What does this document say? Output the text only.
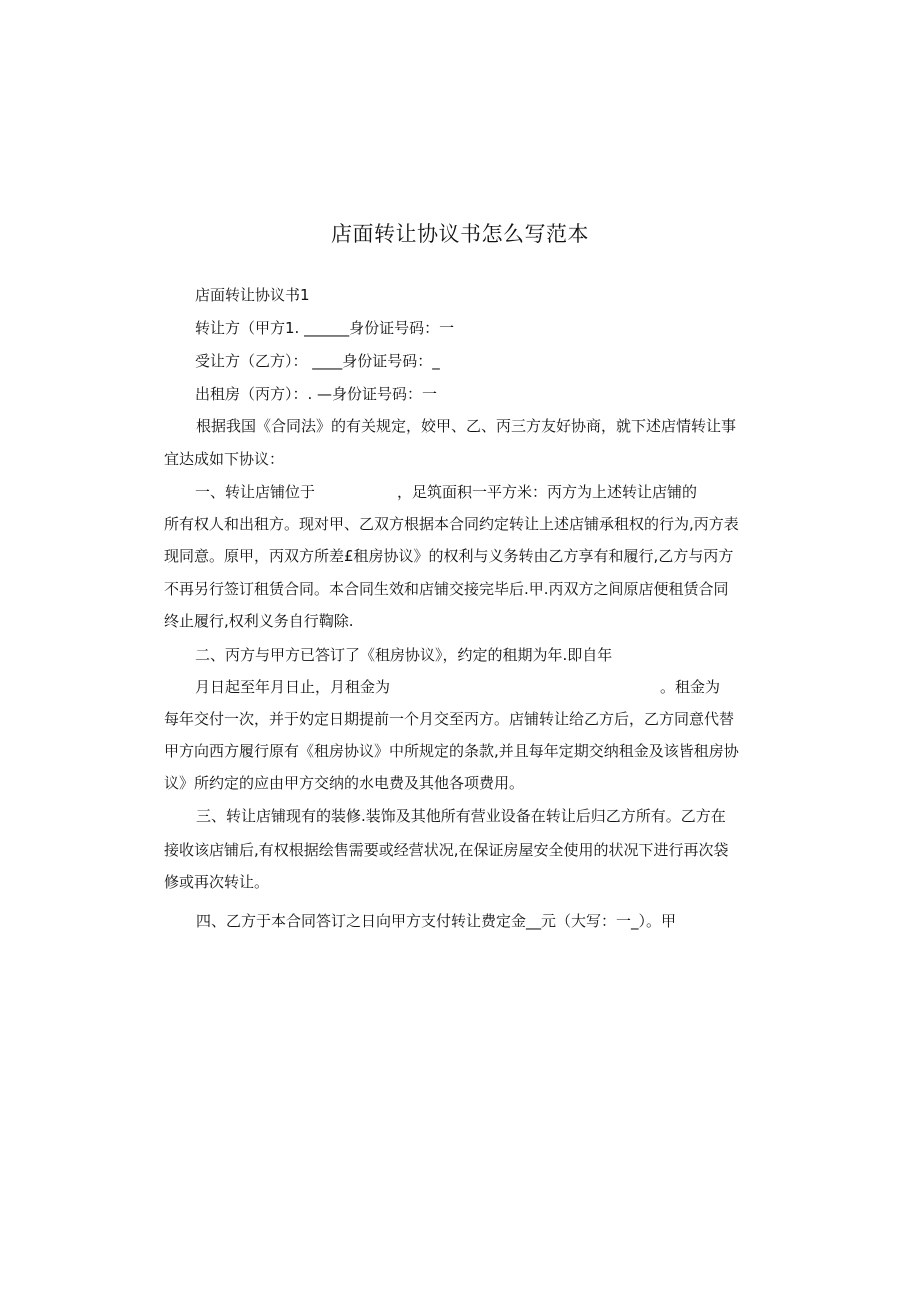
店面转让协议书怎么写范本
店面转让协议书1
转让方（甲方1. ______身份证号码：一
受让方（乙方）： ____身份证号码：_
出租房（丙方）：. —身份证号码：一
根据我国《合同法》的有关规定，姣甲、乙、丙三方友好协商，就下述店情转让事
宜达成如下协议：
一、转让店铺位于	，足筑面积一平方米：丙方为上述转让店铺的
所有权人和出租方。现对甲、乙双方根据本合同约定转让上述店铺承租权的行为,丙方表
现同意。原甲，丙双方所差£租房协议》的权利与义务转由乙方享有和履行,乙方与丙方
不再另行签订租赁合同。本合同生效和店铺交接完毕后.甲.丙双方之间原店便租赁合同
终止履行,权利义务自行鞫除.
二、丙方与甲方已答订了《租房协议》，约定的租期为年.即自年
月日起至年月日止，月租金为	。租金为
每年交付一次，并于妁定日期提前一个月交至丙方。店铺转让给乙方后，乙方同意代替
甲方向西方履行原有《租房协议》中所规定的条款,并且每年定期交纳租金及该皆租房协
议》所约定的应由甲方交纳的水电费及其他各项费用。
三、转让店铺现有的装修.装饰及其他所有营业设备在转让后归乙方所有。乙方在
接收该店铺后,有权根据绘售需要或经营状况,在保证房屋安全使用的状况下进行再次袋
修或再次转让。
四、乙方于本合同答订之日向甲方支付转让费定金__元（大写：一_）。甲
